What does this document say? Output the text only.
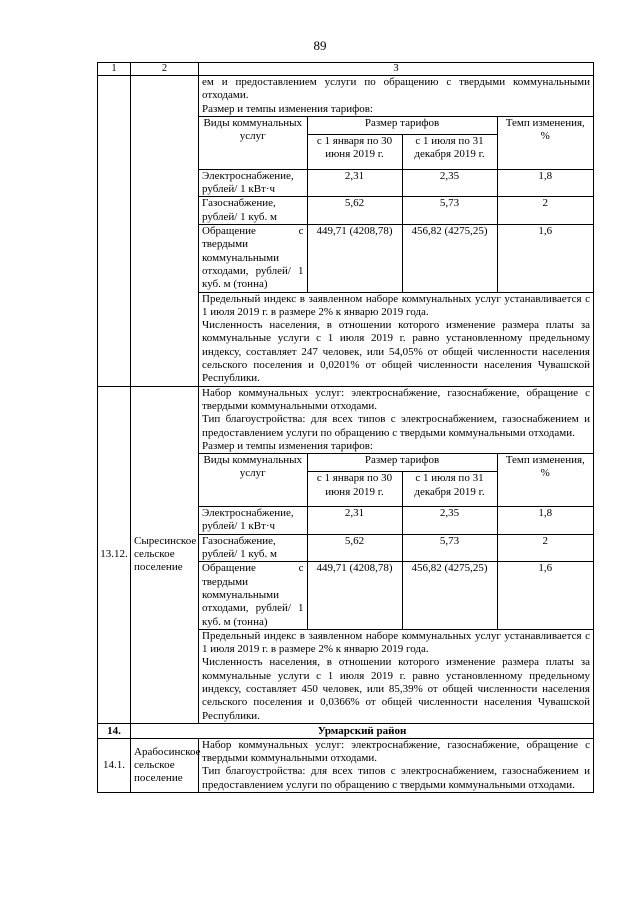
89
1	2	3

ем и предоставлением услуги по обращению с твердыми коммунальными отходами.

Размер и темпы изменения тарифов:

Виды коммунальных услуг	Размер тарифов	Темп изменения, %
с 1 января по 30 июня 2019 г.	с 1 июля по 31 декабря 2019 г.
Электроснабжение, рублей/ 1 кВт·ч	2,31	2,35	1,8
Газоснабжение, рублей/ 1 куб. м	5,62	5,73	2
Обращение с твердыми коммунальными отходами, рублей/ 1 куб. м (тонна)	449,71 (4208,78)	456,82 (4275,25)	1,6

Предельный индекс в заявленном наборе коммунальных услуг устанавливается с 1 июля 2019 г. в размере 2% к январю 2019 года.

Численность населения, в отношении которого изменение размера платы за коммунальные услуги с 1 июля 2019 г. равно установленному предельному индексу, составляет 247 человек, или 54,05% от общей численности населения сельского поселения и 0,0201% от общей численности населения Чувашской Республики.

13.12.	Сыресинское сельское поселение	

Набор коммунальных услуг: электроснабжение, газоснабжение, обращение с твердыми коммунальными отходами.

Тип благоустройства: для всех типов с электроснабжением, газоснабжением и предоставлением услуги по обращению с твердыми коммунальными отходами.

Размер и темпы изменения тарифов:

Виды коммунальных услуг	Размер тарифов	Темп изменения, %
с 1 января по 30 июня 2019 г.	с 1 июля по 31 декабря 2019 г.
Электроснабжение, рублей/ 1 кВт·ч	2,31	2,35	1,8
Газоснабжение, рублей/ 1 куб. м	5,62	5,73	2
Обращение с твердыми коммунальными отходами, рублей/ 1 куб. м (тонна)	449,71 (4208,78)	456,82 (4275,25)	1,6

Предельный индекс в заявленном наборе коммунальных услуг устанавливается с 1 июля 2019 г. в размере 2% к январю 2019 года.

Численность населения, в отношении которого изменение размера платы за коммунальные услуги с 1 июля 2019 г. равно установленному предельному индексу, составляет 450 человек, или 85,39% от общей численности населения сельского поселения и 0,0366% от общей численности населения Чувашской Республики.

14.	Урмарский район
14.1.	Арабосинское сельское поселение	

Набор коммунальных услуг: электроснабжение, газоснабжение, обращение с твердыми коммунальными отходами.

Тип благоустройства: для всех типов с электроснабжением, газоснабжением и предоставлением услуги по обращению с твердыми коммунальными отходами.
